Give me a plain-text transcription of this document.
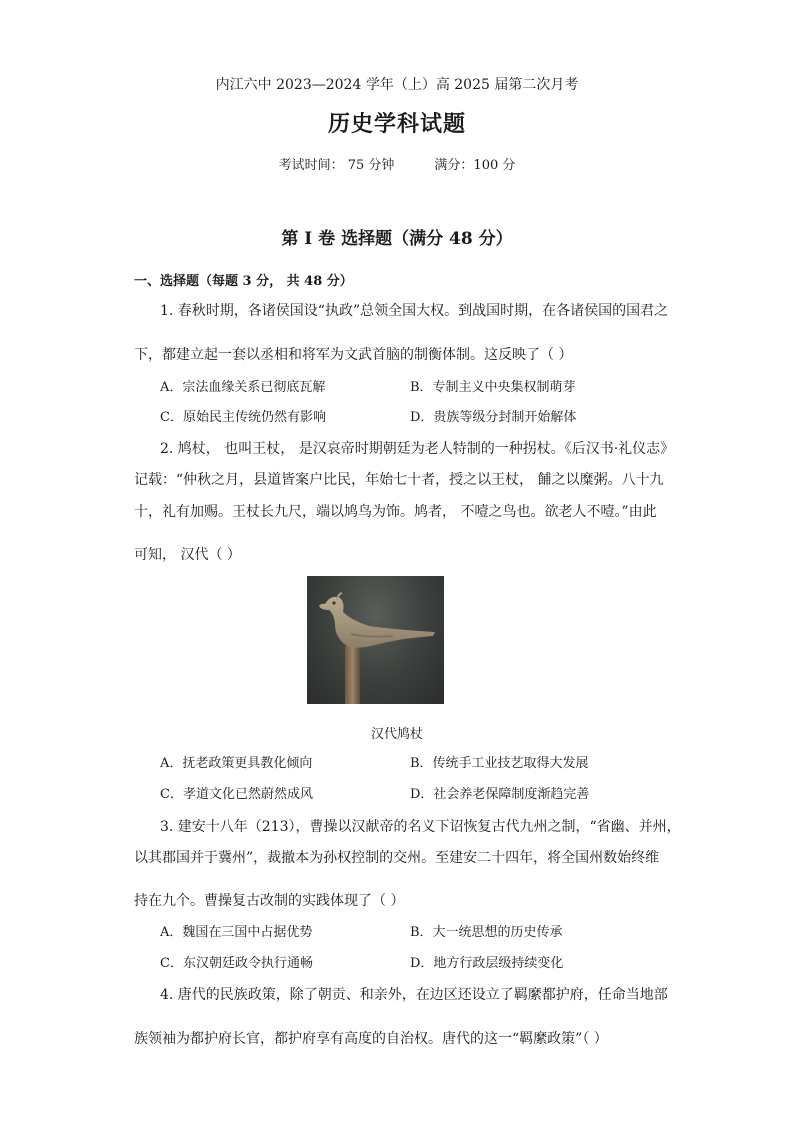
内江六中 2023—2024 学年（上）高 2025 届第二次月考
历史学科试题
考试时间： 75 分钟	满分：100 分
第 I 卷 选择题（满分 48 分）
一、选择题（每题 3 分， 共 48 分）
1. 春秋时期，各诸侯国设“执政”总领全国大权。到战国时期，在各诸侯国的国君之
下，都建立起一套以丞相和将军为文武首脑的制衡体制。这反映了（ ）
A．宗法血缘关系已彻底瓦解	B．专制主义中央集权制萌芽
C．原始民主传统仍然有影响	D．贵族等级分封制开始解体
2. 鸠杖， 也叫王杖， 是汉哀帝时期朝廷为老人特制的一种拐杖。《后汉书·礼仪志》
记载：“仲秋之月，县道皆案户比民，年始七十者，授之以王杖， 餔之以糜粥。八十九
十，礼有加赐。王杖长九尺，端以鸠鸟为饰。鸠者， 不噎之鸟也。欲老人不噎。”由此
可知， 汉代（ ）
汉代鸠杖
A．抚老政策更具教化倾向	B．传统手工业技艺取得大发展
C．孝道文化已然蔚然成风	D．社会养老保障制度渐趋完善
3. 建安十八年（213），曹操以汉献帝的名义下诏恢复古代九州之制，“省幽、并州，
以其郡国并于冀州”，裁撤本为孙权控制的交州。至建安二十四年，将全国州数始终维
持在九个。曹操复古改制的实践体现了（ ）
A．魏国在三国中占据优势	B．大一统思想的历史传承
C．东汉朝廷政令执行通畅	D．地方行政层级持续变化
4. 唐代的民族政策，除了朝贡、和亲外，在边区还设立了羁縻都护府，任命当地部
族领袖为都护府长官，都护府享有高度的自治权。唐代的这一“羁縻政策”（ ）
